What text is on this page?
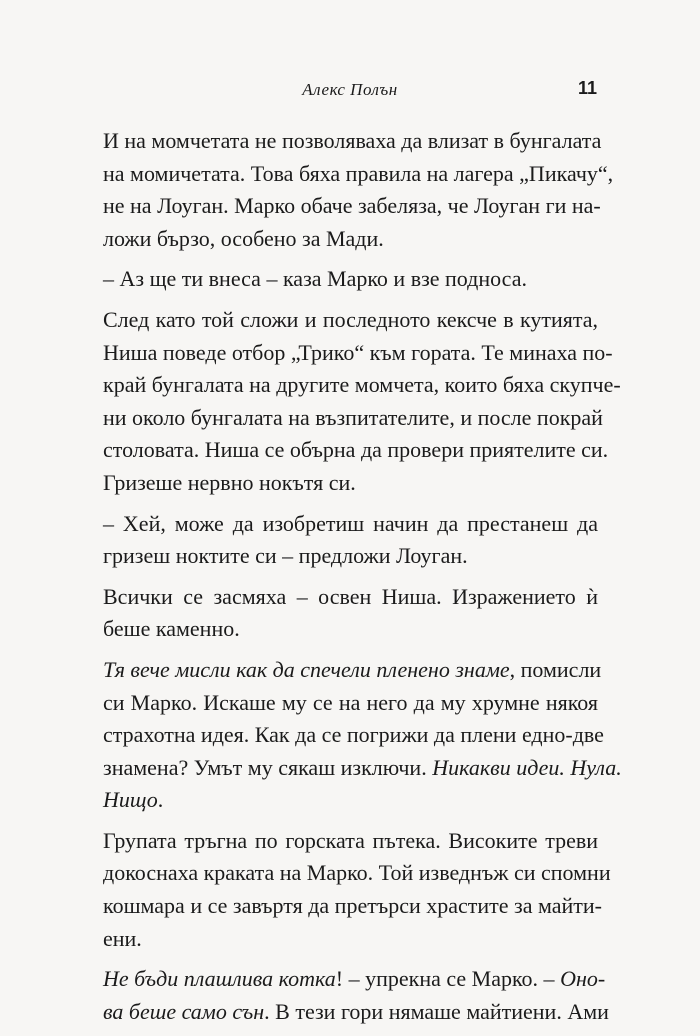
Алекс Полън	11
И на момчетата не позволяваха да влизат в бунгалата
на момичетата. Това бяха правила на лагера „Пикачу“,
не на Лоуган. Марко обаче забеляза, че Лоуган ги на-
ложи бързо, особено за Мади.
– Аз ще ти внеса – каза Марко и взе подноса.
След като той сложи и последното кексче в кутията,
Ниша поведе отбор „Трико“ към гората. Те минаха по-
край бунгалата на другите момчета, които бяха скупче-
ни около бунгалата на възпитателите, и после покрай
столовата. Ниша се обърна да провери приятелите си.
Гризеше нервно нокътя си.
– Хей, може да изобретиш начин да престанеш да
гризеш ноктите си – предложи Лоуган.
Всички се засмяха – освен Ниша. Изражението ѝ
беше каменно.
Тя вече мисли как да спечели пленено знаме, помисли
си Марко. Искаше му се на него да му хрумне някоя
страхотна идея. Как да се погрижи да плени едно-две
знамена? Умът му сякаш изключи. Никакви идеи. Нула.
Нищо.
Групата тръгна по горската пътека. Високите треви
докоснаха краката на Марко. Той изведнъж си спомни
кошмара и се завъртя да претърси храстите за майти-
ени.
Не бъди плашлива котка! – упрекна се Марко. – Оно-
ва беше само сън. В тези гори нямаше майтиени. Ами
